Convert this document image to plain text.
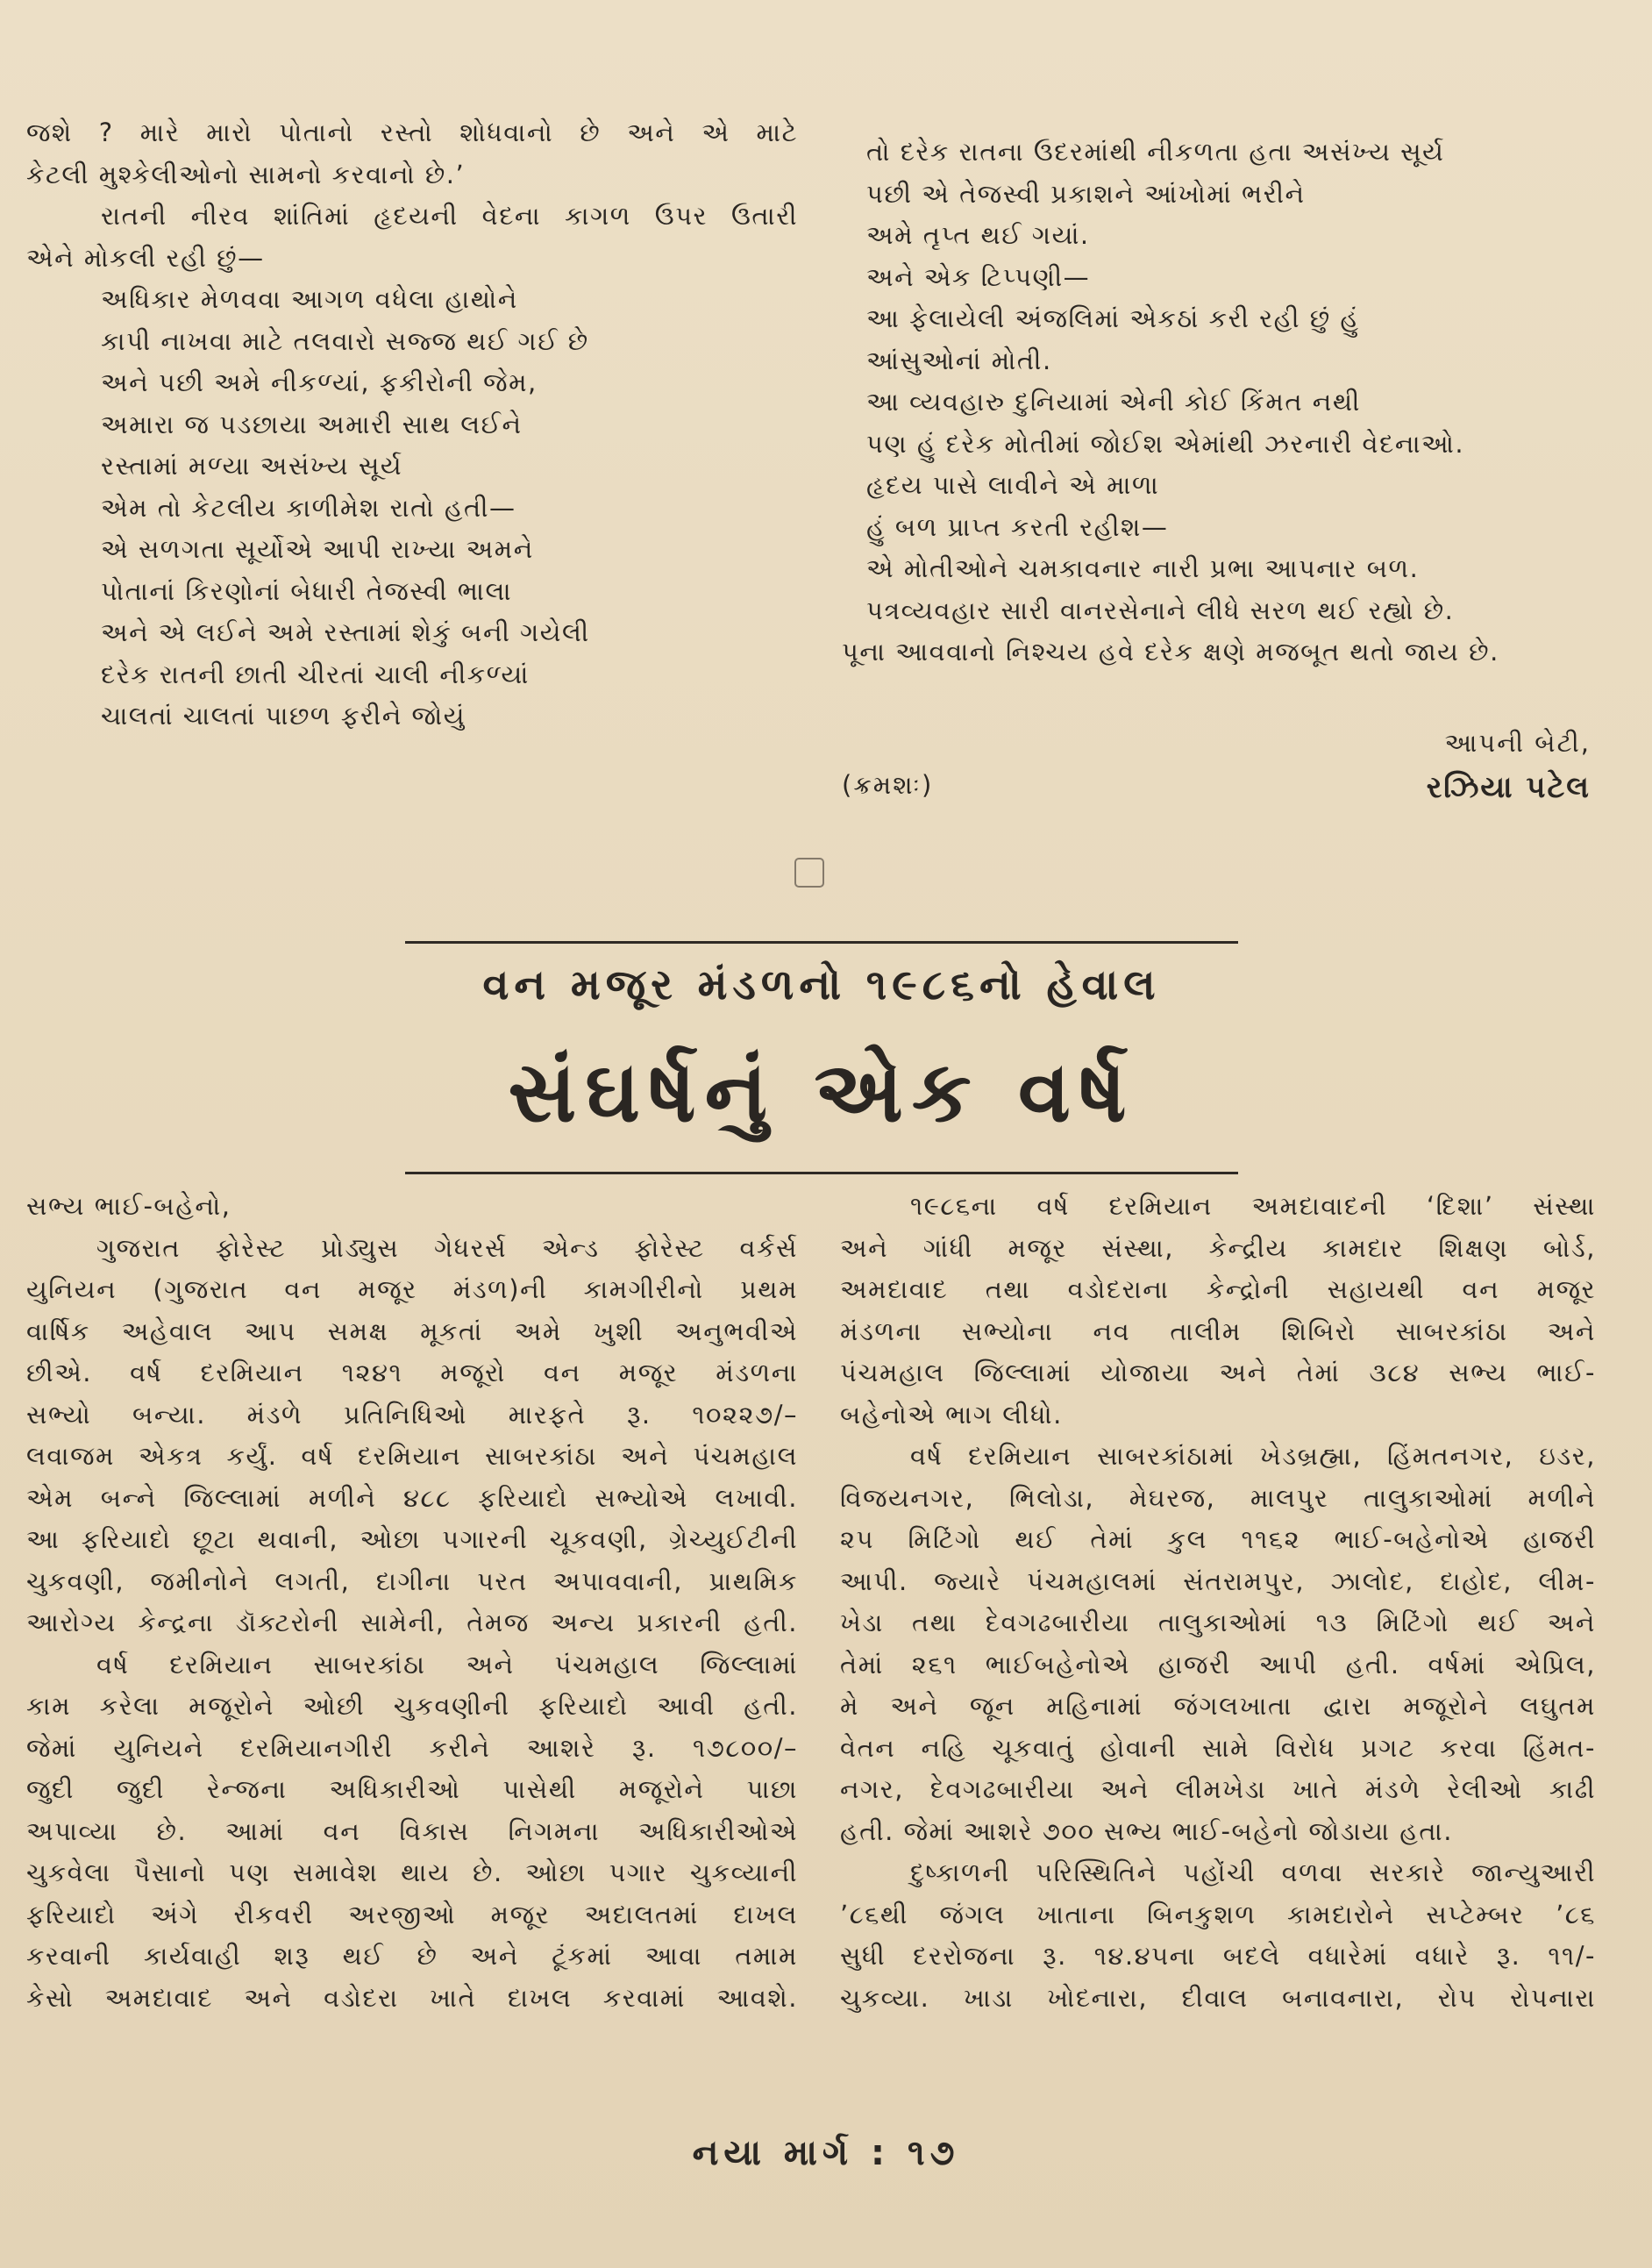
જશે ? મારે મારો પોતાનો રસ્તો શોધવાનો છે અને એ માટે
કેટલી મુશ્કેલીઓનો સામનો કરવાનો છે.’
રાતની નીરવ શાંતિમાં હૃદયની વેદના કાગળ ઉપર ઉતારી
એને મોકલી રહી છું—
અધિકાર મેળવવા આગળ વધેલા હાથોને
કાપી નાખવા માટે તલવારો સજ્જ થઈ ગઈ છે
અને પછી અમે નીકળ્યાં, ફકીરોની જેમ,
અમારા જ પડછાયા અમારી સાથ લઈને
રસ્તામાં મળ્યા અસંખ્ય સૂર્ય
એમ તો કેટલીય કાળીમેશ રાતો હતી—
એ સળગતા સૂર્યોએ આપી રાખ્યા અમને
પોતાનાં કિરણોનાં બેધારી તેજસ્વી ભાલા
અને એ લઈને અમે રસ્તામાં શેકું બની ગયેલી
દરેક રાતની છાતી ચીરતાં ચાલી નીકળ્યાં
ચાલતાં ચાલતાં પાછળ ફરીને જોયું
તો દરેક રાતના ઉદરમાંથી નીકળતા હતા અસંખ્ય સૂર્ય
પછી એ તેજસ્વી પ્રકાશને આંખોમાં ભરીને
અમે તૃપ્ત થઈ ગયાં.
અને એક ટિપ્પણી—
આ ફેલાયેલી અંજલિમાં એકઠાં કરી રહી છું હું
આંસુઓનાં મોતી.
આ વ્યવહારુ દુનિયામાં એની કોઈ કિંમત નથી
પણ હું દરેક મોતીમાં જોઈશ એમાંથી ઝરનારી વેદનાઓ.
હૃદય પાસે લાવીને એ માળા
હું બળ પ્રાપ્ત કરતી રહીશ—
એ મોતીઓને ચમકાવનાર નારી પ્રભા આપનાર બળ.
પત્રવ્યવહાર સારી વાનરસેનાને લીધે સરળ થઈ રહ્યો છે.
પૂના આવવાનો નિશ્ચય હવે દરેક ક્ષણે મજબૂત થતો જાય છે.
આપની બેટી,
(ક્રમશઃ)	રઝિયા પટેલ
વન મજૂર મંડળનો ૧૯૮૬નો હેવાલ
સંઘર્ષનું એક વર્ષ
સભ્ય ભાઈ-બહેનો,
ગુજરાત ફોરેસ્ટ પ્રોડ્યુસ ગેધરર્સ એન્ડ ફોરેસ્ટ વર્કર્સ
યુનિયન (ગુજરાત વન મજૂર મંડળ)ની કામગીરીનો પ્રથમ
વાર્ષિક અહેવાલ આપ સમક્ષ મૂકતાં અમે ખુશી અનુભવીએ
છીએ. વર્ષ દરમિયાન ૧૨૪૧ મજૂરો વન મજૂર મંડળના
સભ્યો બન્યા. મંડળે પ્રતિનિધિઓ મારફતે રૂ. ૧૦૨૨૭/–
લવાજમ એકત્ર કર્યું. વર્ષ દરમિયાન સાબરકાંઠા અને પંચમહાલ
એમ બન્ને જિલ્લામાં મળીને ૪૮૮ ફરિયાદો સભ્યોએ લખાવી.
આ ફરિયાદો છૂટા થવાની, ઓછા પગારની ચૂકવણી, ગ્રેચ્યુઈટીની
ચુકવણી, જમીનોને લગતી, દાગીના પરત અપાવવાની, પ્રાથમિક
આરોગ્ય કેન્દ્રના ડૉક્ટરોની સામેની, તેમજ અન્ય પ્રકારની હતી.
વર્ષ દરમિયાન સાબરકાંઠા અને પંચમહાલ જિલ્લામાં
કામ કરેલા મજૂરોને ઓછી ચુકવણીની ફરિયાદો આવી હતી.
જેમાં યુનિયને દરમિયાનગીરી કરીને આશરે રૂ. ૧૭૮૦૦/–
જુદી જુદી રેન્જના અધિકારીઓ પાસેથી મજૂરોને પાછા
અપાવ્યા છે. આમાં વન વિકાસ નિગમના અધિકારીઓએ
ચુકવેલા પૈસાનો પણ સમાવેશ થાય છે. ઓછા પગાર ચુકવ્યાની
ફરિયાદો અંગે રીકવરી અરજીઓ મજૂર અદાલતમાં દાખલ
કરવાની કાર્યવાહી શરૂ થઈ છે અને ટૂંકમાં આવા તમામ
કેસો અમદાવાદ અને વડોદરા ખાતે દાખલ કરવામાં આવશે.
૧૯૮૬ના વર્ષ દરમિયાન અમદાવાદની ‘દિશા’ સંસ્થા
અને ગાંધી મજૂર સંસ્થા, કેન્દ્રીય કામદાર શિક્ષણ બોર્ડ,
અમદાવાદ તથા વડોદરાના કેન્દ્રોની સહાયથી વન મજૂર
મંડળના સભ્યોના નવ તાલીમ શિબિરો સાબરકાંઠા અને
પંચમહાલ જિલ્લામાં યોજાયા અને તેમાં ૩૮૪ સભ્ય ભાઈ-
બહેનોએ ભાગ લીધો.
વર્ષ દરમિયાન સાબરકાંઠામાં ખેડબ્રહ્મા, હિંમતનગર, ઇડર,
વિજયનગર, ભિલોડા, મેઘરજ, માલપુર તાલુકાઓમાં મળીને
૨૫ મિટિંગો થઈ તેમાં કુલ ૧૧૬૨ ભાઈ-બહેનોએ હાજરી
આપી. જ્યારે પંચમહાલમાં સંતરામપુર, ઝાલોદ, દાહોદ, લીમ-
ખેડા તથા દેવગઢબારીયા તાલુકાઓમાં ૧૩ મિટિંગો થઈ અને
તેમાં ૨૬૧ ભાઈબહેનોએ હાજરી આપી હતી. વર્ષમાં એપ્રિલ,
મે અને જૂન મહિનામાં જંગલખાતા દ્વારા મજૂરોને લઘુતમ
વેતન નહિ ચૂકવાતું હોવાની સામે વિરોધ પ્રગટ કરવા હિંમત-
નગર, દેવગઢબારીયા અને લીમખેડા ખાતે મંડળે રેલીઓ કાઢી
હતી. જેમાં આશરે ૭૦૦ સભ્ય ભાઈ-બહેનો જોડાયા હતા.
દુષ્કાળની પરિસ્થિતિને પહોંચી વળવા સરકારે જાન્યુઆરી
’૮૬થી જંગલ ખાતાના બિનકુશળ કામદારોને સપ્ટેમ્બર ’૮૬
સુધી દરરોજના રૂ. ૧૪.૪૫ના બદલે વધારેમાં વધારે રૂ. ૧૧/-
ચુકવ્યા. ખાડા ખોદનારા, દીવાલ બનાવનારા, રોપ રોપનારા
નયા માર્ગ : ૧૭
